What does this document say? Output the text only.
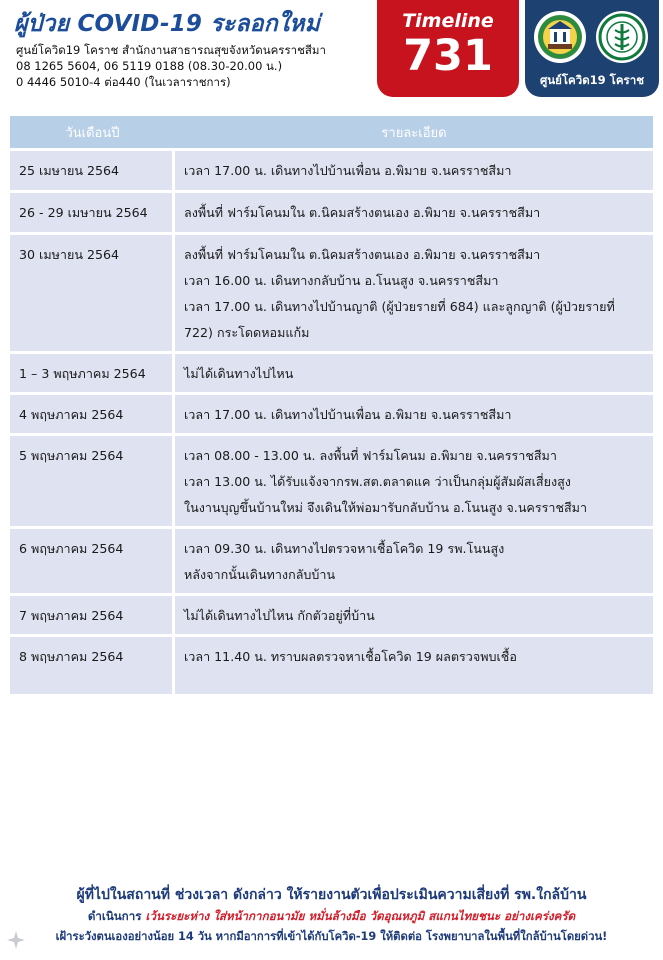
ผู้ป่วย COVID-19 ระลอกใหม่
ศูนย์โควิด19 โคราช สำนักงานสาธารณสุขจังหวัดนครราชสีมา
08 1265 5604, 06 5119 0188 (08.30-20.00 น.)
0 4446 5010-4 ต่อ440 (ในเวลาราชการ)
Timeline
731	ศูนย์โควิด19 โคราช
วันเดือนปี	รายละเอียด
25 เมษายน 2564	เวลา 17.00 น. เดินทางไปบ้านเพื่อน อ.พิมาย จ.นครราชสีมา

26 - 29 เมษายน 2564	ลงพื้นที่ ฟาร์มโคนมใน ต.นิคมสร้างตนเอง อ.พิมาย จ.นครราชสีมา

30 เมษายน 2564	ลงพื้นที่ ฟาร์มโคนมใน ต.นิคมสร้างตนเอง อ.พิมาย จ.นครราชสีมา
เวลา 16.00 น. เดินทางกลับบ้าน อ.โนนสูง จ.นครราชสีมา
เวลา 17.00 น. เดินทางไปบ้านญาติ (ผู้ป่วยรายที่ 684) และลูกญาติ (ผู้ป่วยรายที่
722) กระโดดหอมแก้ม

1 – 3 พฤษภาคม 2564	ไม่ได้เดินทางไปไหน

4 พฤษภาคม 2564	เวลา 17.00 น. เดินทางไปบ้านเพื่อน อ.พิมาย จ.นครราชสีมา

5 พฤษภาคม 2564	เวลา 08.00 - 13.00 น. ลงพื้นที่ ฟาร์มโคนม อ.พิมาย จ.นครราชสีมา
เวลา 13.00 น. ได้รับแจ้งจากรพ.สต.ตลาดแค ว่าเป็นกลุ่มผู้สัมผัสเสี่ยงสูง
ในงานบุญขึ้นบ้านใหม่ จึงเดินให้พ่อมารับกลับบ้าน อ.โนนสูง จ.นครราชสีมา

6 พฤษภาคม 2564	เวลา 09.30 น. เดินทางไปตรวจหาเชื้อโควิด 19 รพ.โนนสูง
หลังจากนั้นเดินทางกลับบ้าน

7 พฤษภาคม 2564	ไม่ได้เดินทางไปไหน กักตัวอยู่ที่บ้าน

8 พฤษภาคม 2564	เวลา 11.40 น. ทราบผลตรวจหาเชื้อโควิด 19 ผลตรวจพบเชื้อ
ผู้ที่ไปในสถานที่ ช่วงเวลา ดังกล่าว ให้รายงานตัวเพื่อประเมินความเสี่ยงที่ รพ.ใกล้บ้าน
ดำเนินการ เว้นระยะห่าง ใส่หน้ากากอนามัย หมั่นล้างมือ วัดอุณหภูมิ สแกนไทยชนะ อย่างเคร่งครัด
เฝ้าระวังตนเองอย่างน้อย 14 วัน หากมีอาการที่เข้าได้กับโควิด-19 ให้ติดต่อ โรงพยาบาลในพื้นที่ใกล้บ้านโดยด่วน!
